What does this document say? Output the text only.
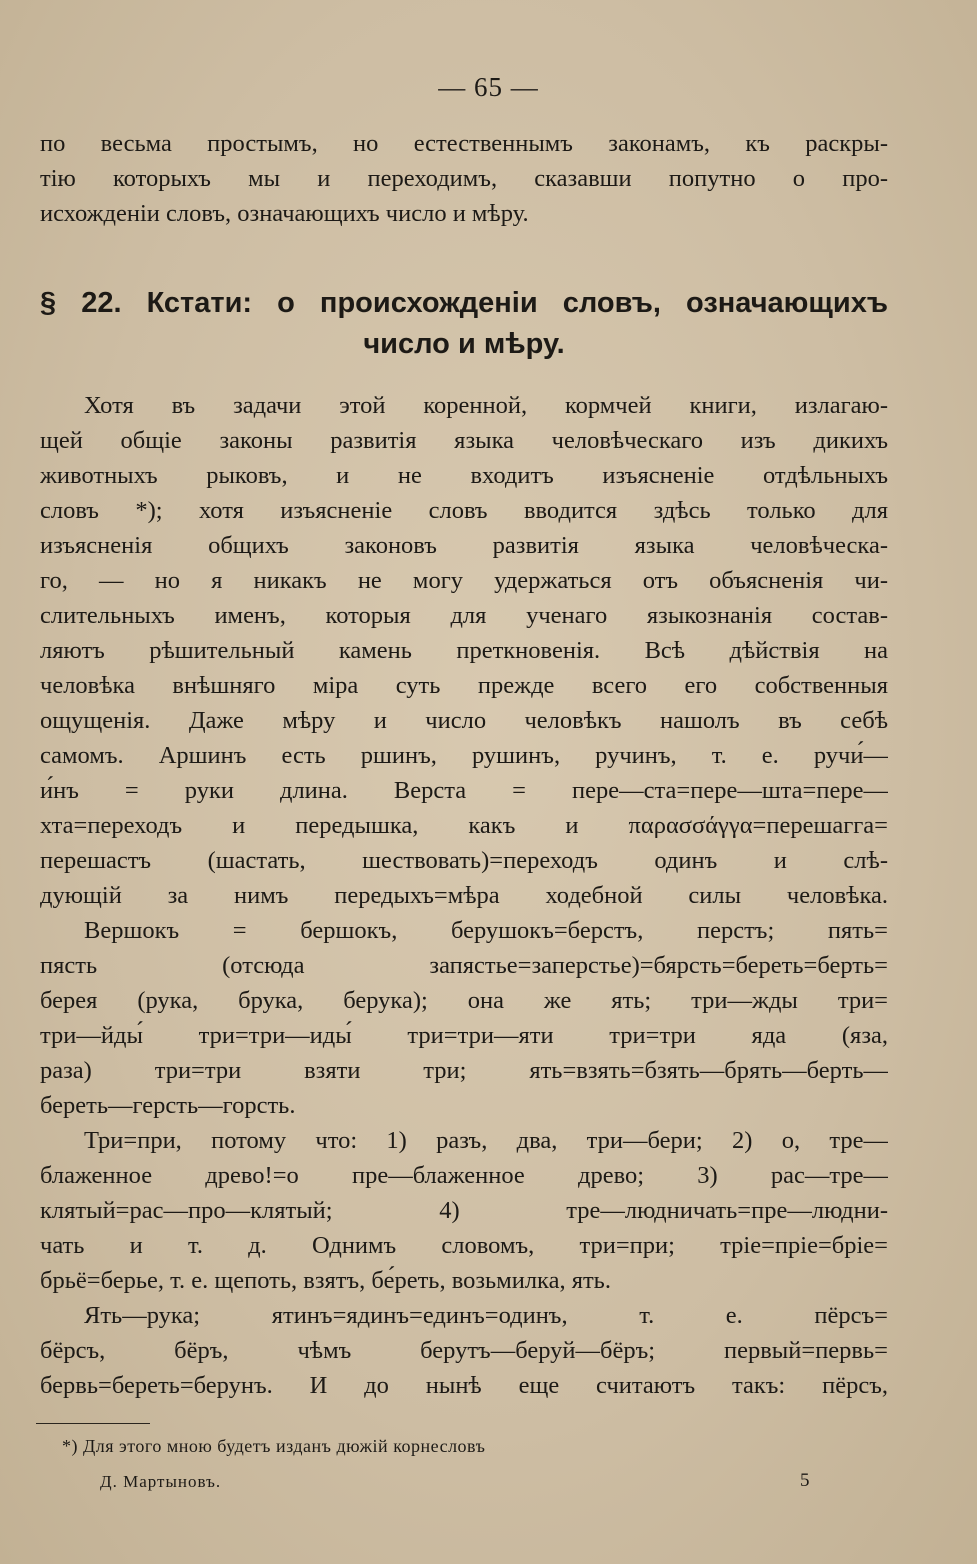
— 65 —
по весьма простымъ, но естественнымъ законамъ, къ раскры-
тiю которыхъ мы и переходимъ, сказавши попутно о про-
исхожденiи словъ, означающихъ число и мѣру.
§ 22. Кстати: о происхожденiи словъ, означающихъ
число и мѣру.
Хотя въ задачи этой коренной, кормчей книги, излагаю-
щей общiе законы развитiя языка человѣческаго изъ дикихъ
животныхъ рыковъ, и не входитъ изъясненiе отдѣльныхъ
словъ *); хотя изъясненiе словъ вводится здѣсь только для
изъясненiя общихъ законовъ развитiя языка человѣческа-
го, — но я никакъ не могу удержаться отъ объясненiя чи-
слительныхъ именъ, которыя для ученаго языкознанiя состав-
ляютъ рѣшительный камень преткновенiя. Всѣ дѣйствiя на
человѣка внѣшняго мiра суть прежде всего его собственныя
ощущенiя. Даже мѣру и число человѣкъ нашолъ въ себѣ
самомъ. Аршинъ есть ршинъ, рушинъ, ручинъ, т. е. ручи́—
и́нъ = руки длина. Верста = пере—ста=пере—шта=пере—
хта=переходъ и передышка, какъ и παρασσάγγα=перешагга=
перешастъ (шастать, шествовать)=переходъ одинъ и слѣ-
дующiй за нимъ передыхъ=мѣра ходебной силы человѣка.
Вершокъ = бершокъ, берушокъ=берстъ, перстъ; пять=
пясть (отсюда запястье=заперстье)=бярсть=береть=берть=
берея (рука, брука, берука); она же ять; три—жды три=
три—йды́ три=три—иды́ три=три—яти три=три яда (яза,
раза) три=три взяти три; ять=взять=бзять—брять—берть—
береть—герсть—горсть.
Три=при, потому что: 1) разъ, два, три—бери; 2) о, тре—
блаженное древо!=о пре—блаженное древо; 3) рас—тре—
клятый=рас—про—клятый; 4) тре—людничать=пре—людни-
чать и т. д. Однимъ словомъ, три=при; трiе=прiе=брiе=
брьё=берье, т. е. щепоть, взятъ, бе́реть, возьмилка, ять.
Ять—рука; ятинъ=ядинъ=единъ=одинъ, т. е. пёрсъ=
бёрсъ, бёръ, чѣмъ берутъ—беруй—бёръ; первый=первь=
бервь=береть=берунъ. И до нынѣ еще считаютъ такъ: пёрсъ,
*) Для этого мною будетъ изданъ дюжiй корнесловъ
Д. Мартыновъ.	5
